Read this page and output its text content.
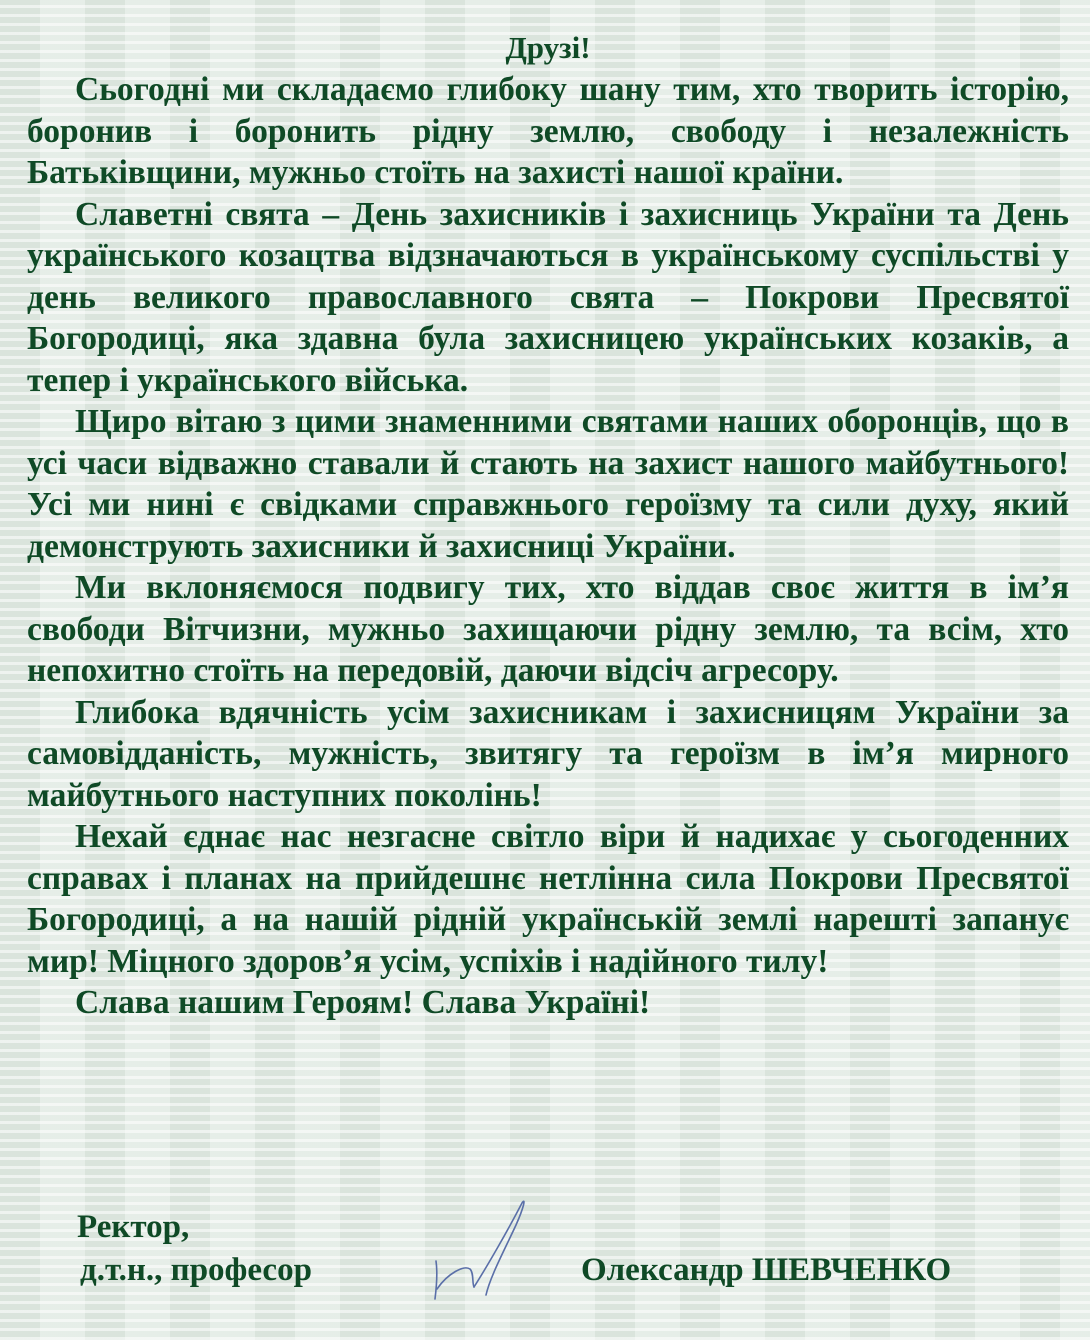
Друзі!

Сьогодні ми складаємо глибоку шану тим, хто творить історію, боронив і боронить рідну землю, свободу і незалежність Батьківщини, мужньо стоїть на захисті нашої країни.

Славетні свята – День захисників і захисниць України та День українського козацтва відзначаються в українському суспільстві у день великого православного свята – Покрови Пресвятої Богородиці, яка здавна була захисницею українських козаків, а тепер і українського війська.

Щиро вітаю з цими знаменними святами наших оборонців, що в усі часи відважно ставали й стають на захист нашого майбутнього! Усі ми нині є свідками справжнього героїзму та сили духу, який демонструють захисники й захисниці України.

Ми вклоняємося подвигу тих, хто віддав своє життя в ім’я свободи Вітчизни, мужньо захищаючи рідну землю, та всім, хто непохитно стоїть на передовій, даючи відсіч агресору.

Глибока вдячність усім захисникам і захисницям України за самовідданість, мужність, звитягу та героїзм в ім’я мирного майбутнього наступних поколінь!

Нехай єднає нас незгасне світло віри й надихає у сьогоденних справах і планах на прийдешнє нетлінна сила Покрови Пресвятої Богородиці, а на нашій рідній українській землі нарешті запанує мир! Міцного здоров’я усім, успіхів і надійного тилу!

Слава нашим Героям! Слава Україні!

Ректор,
д.т.н., професор	Олександр ШЕВЧЕНКО
